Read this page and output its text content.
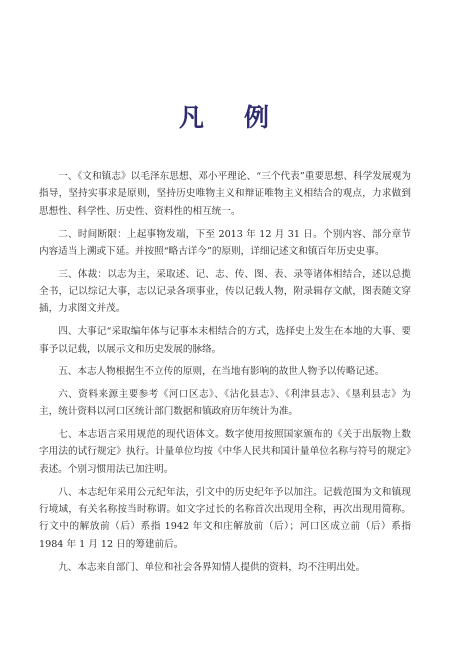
凡 例

一、《文和镇志》以毛泽东思想、邓小平理论、“三个代表”重要思想、科学发展观为指导，坚持实事求是原则，坚持历史唯物主义和辩证唯物主义相结合的观点，力求做到思想性、科学性、历史性、资料性的相互统一。

二、时间断限：上起事物发端，下至 2013 年 12 月 31 日。个别内容、部分章节内容适当上溯或下延。并按照“略古详今”的原则，详细记述文和镇百年历史史事。

三、体裁：以志为主，采取述、记、志、传、图、表、录等诸体相结合，述以总揽全书，记以综记大事，志以记录各项事业，传以记载人物，附录辑存文献，图表随文穿插，力求图文并茂。

四、大事记“采取编年体与记事本末相结合的方式，选择史上发生在本地的大事、要事予以记载，以展示文和历史发展的脉络。

五、本志人物根据生不立传的原则，在当地有影响的故世人物予以传略记述。

六、资料来源主要参考《河口区志》、《沾化县志》、《利津县志》、《垦利县志》为主，统计资料以河口区统计部门数据和镇政府历年统计为准。

七、本志语言采用规范的现代语体文。数字使用按照国家颁布的《关于出版物上数字用法的试行规定》执行。计量单位均按《中华人民共和国计量单位名称与符号的规定》表述。个别习惯用法已加注明。

八、本志纪年采用公元纪年法，引文中的历史纪年予以加注。记载范围为文和镇现行境域，有关名称按当时称谓。如文字过长的名称首次出现用全称，再次出现用简称。行文中的解放前（后）系指 1942 年文和庄解放前（后）；河口区成立前（后）系指 1984 年 1 月 12 日的筹建前后。

九、本志来自部门、单位和社会各界知情人提供的资料，均不注明出处。
